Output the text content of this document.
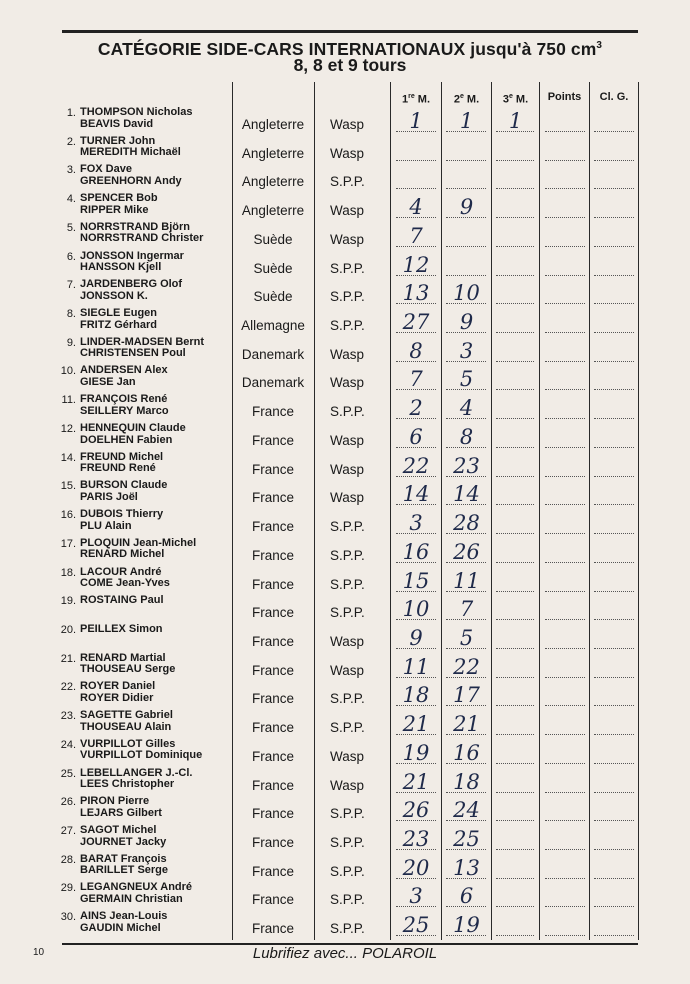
CATÉGORIE SIDE-CARS INTERNATIONAUX jusqu'à 750 $cm^3$
8, 8 et 9 tours
1re M.	2e M.	3e M.	Points	Cl. G.
1. THOMPSON Nicholas
BEAVIS David	Angleterre	Wasp	1	1	1
2. TURNER John
MEREDITH Michaël	Angleterre	Wasp
3. FOX Dave
GREENHORN Andy	Angleterre	S.P.P.
4. SPENCER Bob
RIPPER Mike	Angleterre	Wasp	4	9
5. NORRSTRAND Björn
NORRSTRAND Christer	Suède	Wasp	7
6. JONSSON Ingermar
HANSSON Kjell	Suède	S.P.P.	12
7. JARDENBERG Olof
JONSSON K.	Suède	S.P.P.	13	10
8. SIEGLE Eugen
FRITZ Gérhard	Allemagne	S.P.P.	27	9
9. LINDER-MADSEN Bernt
CHRISTENSEN Poul	Danemark	Wasp	8	3
10. ANDERSEN Alex
GIESE Jan	Danemark	Wasp	7	5
11. FRANÇOIS René
SEILLERY Marco	France	S.P.P.	2	4
12. HENNEQUIN Claude
DOELHEN Fabien	France	Wasp	6	8
14. FREUND Michel
FREUND René	France	Wasp	22	23
15. BURSON Claude
PARIS Joël	France	Wasp	14	14
16. DUBOIS Thierry
PLU Alain	France	S.P.P.	3	28
17. PLOQUIN Jean-Michel
RENARD Michel	France	S.P.P.	16	26
18. LACOUR André
COME Jean-Yves	France	S.P.P.	15	11
19. ROSTAING Paul
France	S.P.P.	10	7
20. PEILLEX Simon
France	Wasp	9	5
21. RENARD Martial
THOUSEAU Serge	France	Wasp	11	22
22. ROYER Daniel
ROYER Didier	France	S.P.P.	18	17
23. SAGETTE Gabriel
THOUSEAU Alain	France	S.P.P.	21	21
24. VURPILLOT Gilles
VURPILLOT Dominique	France	Wasp	19	16
25. LEBELLANGER J.-Cl.
LEES Christopher	France	Wasp	21	18
26. PIRON Pierre
LEJARS Gilbert	France	S.P.P.	26	24
27. SAGOT Michel
JOURNET Jacky	France	S.P.P.	23	25
28. BARAT François
BARILLET Serge	France	S.P.P.	20	13
29. LEGANGNEUX André
GERMAIN Christian	France	S.P.P.	3	6
30. AINS Jean-Louis
GAUDIN Michel	France	S.P.P.	25	19
10	Lubrifiez avec... POLAROIL
